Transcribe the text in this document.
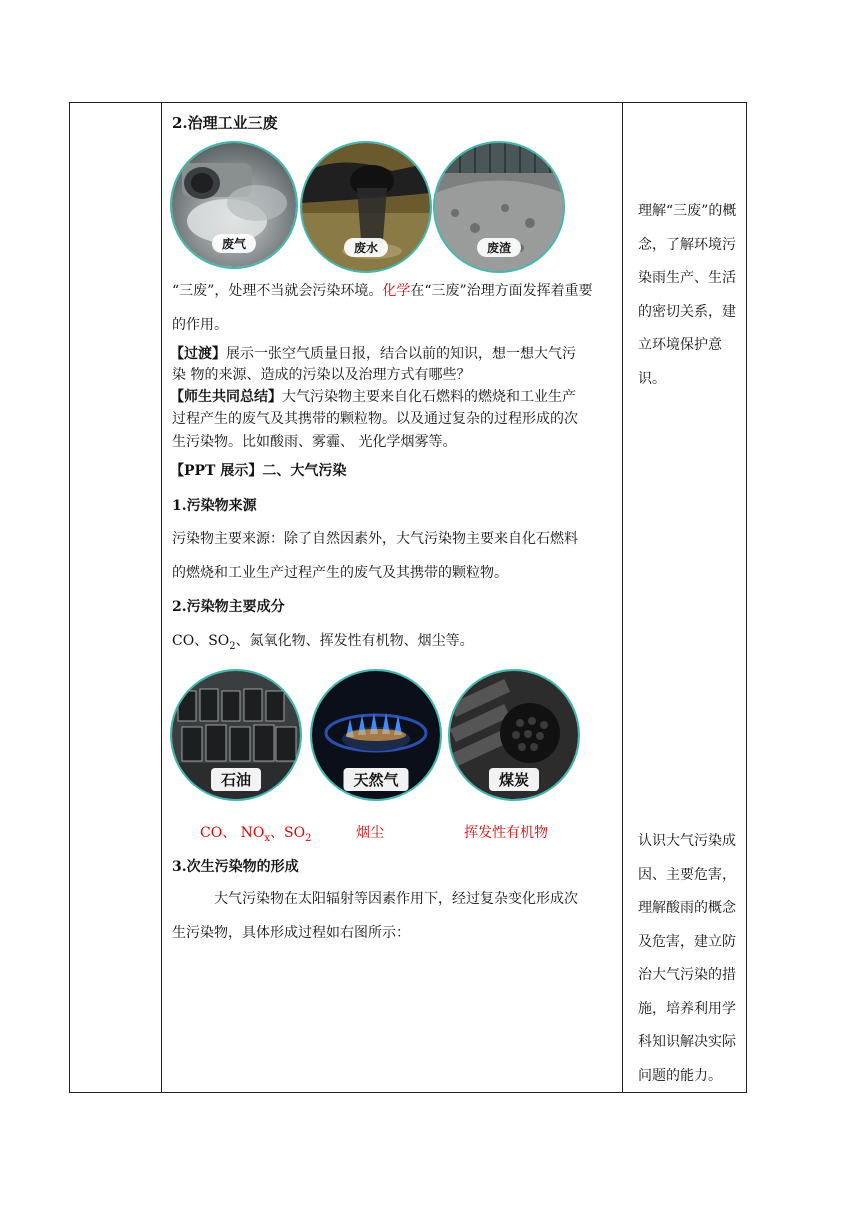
2.治理工业三废
废气	废水	废渣
“三废”，处理不当就会污染环境。化学在“三废”治理方面发挥着重要
的作用。
【过渡】展示一张空气质量日报，结合以前的知识，想一想大气污
染 物的来源、造成的污染以及治理方式有哪些？
【师生共同总结】大气污染物主要来自化石燃料的燃烧和工业生产
过程产生的废气及其携带的颗粒物。以及通过复杂的过程形成的次
生污染物。比如酸雨、雾霾、 光化学烟雾等。
【PPT 展示】二、大气污染
1.污染物来源
污染物主要来源：除了自然因素外，大气污染物主要来自化石燃料
的燃烧和工业生产过程产生的废气及其携带的颗粒物。
2.污染物主要成分
CO、$SO_2$、氮氧化物、挥发性有机物、烟尘等。
石油	天然气	煤炭
CO、 $NO_x$、$SO_2$	烟尘	挥发性有机物
3.次生污染物的形成
大气污染物在太阳辐射等因素作用下，经过复杂变化形成次
生污染物，具体形成过程如右图所示：
理解“三废”的概念，了解环境污染雨生产、生活的密切关系，建立环境保护意识。
认识大气污染成因、主要危害，理解酸雨的概念及危害，建立防治大气污染的措施，培养利用学科知识解决实际问题的能力。
